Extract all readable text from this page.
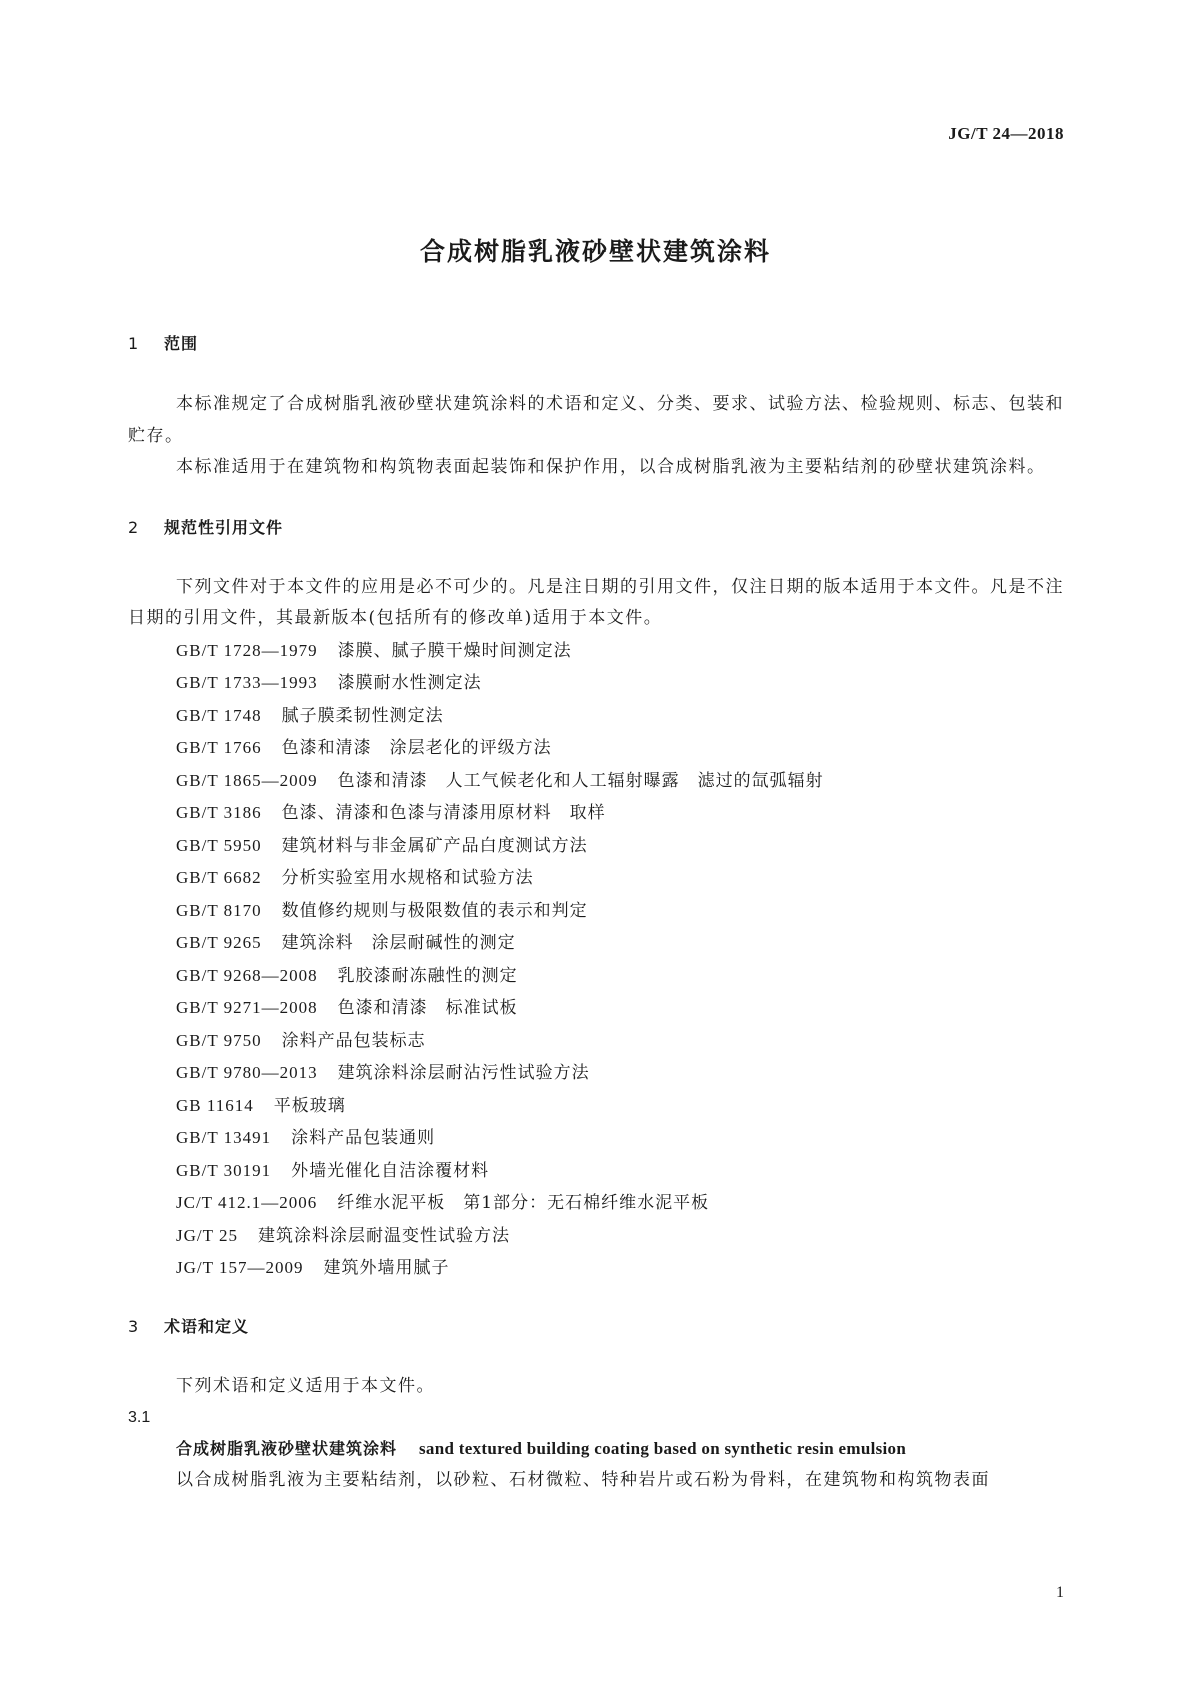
JG/T 24—2018
合成树脂乳液砂壁状建筑涂料
1 范围
本标准规定了合成树脂乳液砂壁状建筑涂料的术语和定义、分类、要求、试验方法、检验规则、标志、包装和贮存。
本标准适用于在建筑物和构筑物表面起装饰和保护作用，以合成树脂乳液为主要粘结剂的砂壁状建筑涂料。
2 规范性引用文件
下列文件对于本文件的应用是必不可少的。凡是注日期的引用文件，仅注日期的版本适用于本文件。凡是不注日期的引用文件，其最新版本(包括所有的修改单)适用于本文件。
GB/T 1728—1979 漆膜、腻子膜干燥时间测定法
GB/T 1733—1993 漆膜耐水性测定法
GB/T 1748 腻子膜柔韧性测定法
GB/T 1766 色漆和清漆　涂层老化的评级方法
GB/T 1865—2009 色漆和清漆　人工气候老化和人工辐射曝露　滤过的氙弧辐射
GB/T 3186 色漆、清漆和色漆与清漆用原材料　取样
GB/T 5950 建筑材料与非金属矿产品白度测试方法
GB/T 6682 分析实验室用水规格和试验方法
GB/T 8170 数值修约规则与极限数值的表示和判定
GB/T 9265 建筑涂料　涂层耐碱性的测定
GB/T 9268—2008 乳胶漆耐冻融性的测定
GB/T 9271—2008 色漆和清漆　标准试板
GB/T 9750 涂料产品包装标志
GB/T 9780—2013 建筑涂料涂层耐沾污性试验方法
GB 11614 平板玻璃
GB/T 13491 涂料产品包装通则
GB/T 30191 外墙光催化自洁涂覆材料
JC/T 412.1—2006 纤维水泥平板　第1部分：无石棉纤维水泥平板
JG/T 25 建筑涂料涂层耐温变性试验方法
JG/T 157—2009 建筑外墙用腻子
3 术语和定义
下列术语和定义适用于本文件。
3.1
合成树脂乳液砂壁状建筑涂料 sand textured building coating based on synthetic resin emulsion
以合成树脂乳液为主要粘结剂，以砂粒、石材微粒、特种岩片或石粉为骨料，在建筑物和构筑物表面
1
